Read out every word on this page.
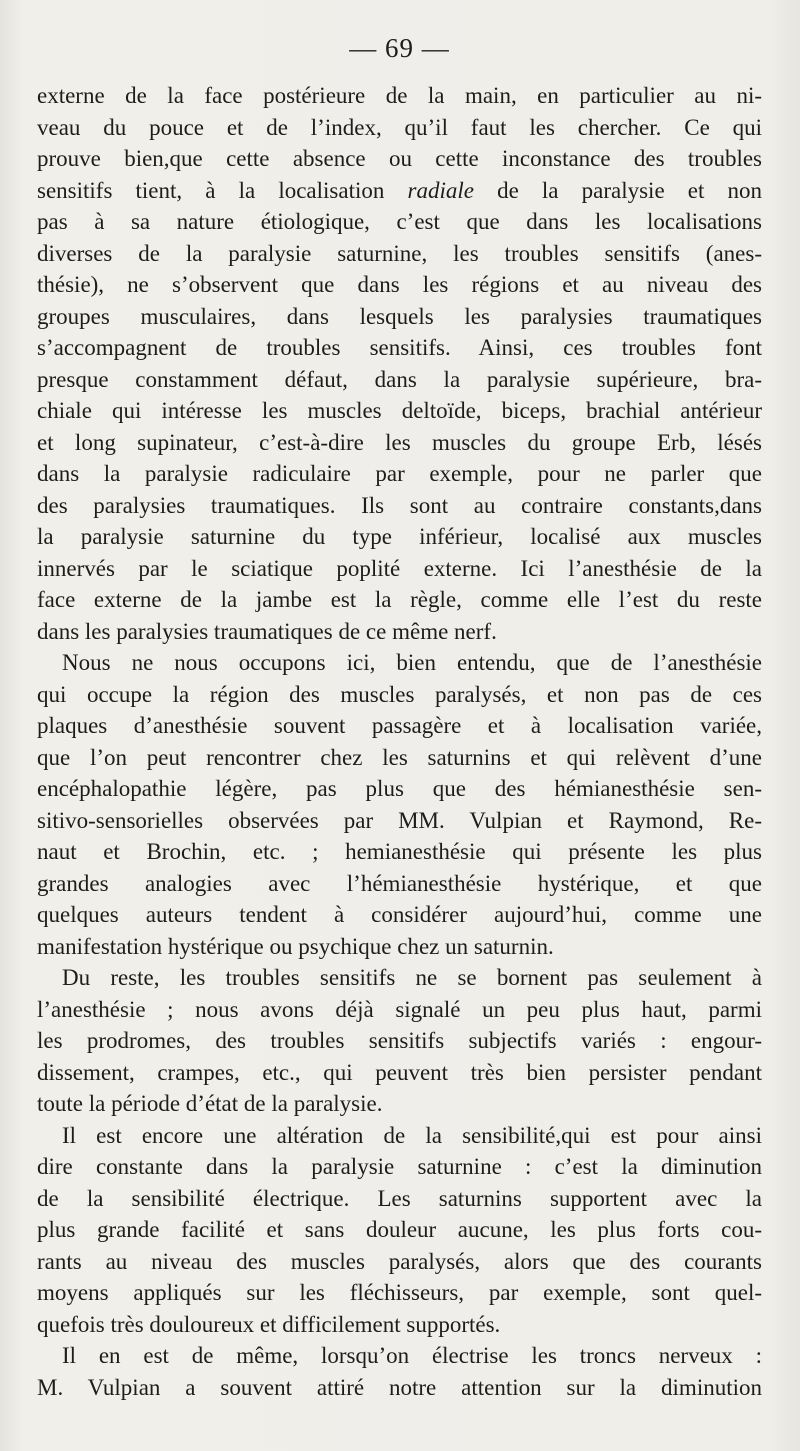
— 69 —

externe de la face postérieure de la main, en particulier au ni-

veau du pouce et de l’index, qu’il faut les chercher. Ce qui

prouve bien,que cette absence ou cette inconstance des troubles

sensitifs tient, à la localisation radiale de la paralysie et non

pas à sa nature étiologique, c’est que dans les localisations

diverses de la paralysie saturnine, les troubles sensitifs (anes-

thésie), ne s’observent que dans les régions et au niveau des

groupes musculaires, dans lesquels les paralysies traumatiques

s’accompagnent de troubles sensitifs. Ainsi, ces troubles font

presque constamment défaut, dans la paralysie supérieure, bra-

chiale qui intéresse les muscles deltoïde, biceps, brachial antérieur

et long supinateur, c’est-à-dire les muscles du groupe Erb, lésés

dans la paralysie radiculaire par exemple, pour ne parler que

des paralysies traumatiques. Ils sont au contraire constants,dans

la paralysie saturnine du type inférieur, localisé aux muscles

innervés par le sciatique poplité externe. Ici l’anesthésie de la

face externe de la jambe est la règle, comme elle l’est du reste

dans les paralysies traumatiques de ce même nerf.

Nous ne nous occupons ici, bien entendu, que de l’anesthésie

qui occupe la région des muscles paralysés, et non pas de ces

plaques d’anesthésie souvent passagère et à localisation variée,

que l’on peut rencontrer chez les saturnins et qui relèvent d’une

encéphalopathie légère, pas plus que des hémianesthésie sen-

sitivo-sensorielles observées par MM. Vulpian et Raymond, Re-

naut et Brochin, etc. ; hemianesthésie qui présente les plus

grandes analogies avec l’hémianesthésie hystérique, et que

quelques auteurs tendent à considérer aujourd’hui, comme une

manifestation hystérique ou psychique chez un saturnin.

Du reste, les troubles sensitifs ne se bornent pas seulement à

l’anesthésie ; nous avons déjà signalé un peu plus haut, parmi

les prodromes, des troubles sensitifs subjectifs variés : engour-

dissement, crampes, etc., qui peuvent très bien persister pendant

toute la période d’état de la paralysie.

Il est encore une altération de la sensibilité,qui est pour ainsi

dire constante dans la paralysie saturnine : c’est la diminution

de la sensibilité électrique. Les saturnins supportent avec la

plus grande facilité et sans douleur aucune, les plus forts cou-

rants au niveau des muscles paralysés, alors que des courants

moyens appliqués sur les fléchisseurs, par exemple, sont quel-

quefois très douloureux et difficilement supportés.

Il en est de même, lorsqu’on électrise les troncs nerveux :

M. Vulpian a souvent attiré notre attention sur la diminution
